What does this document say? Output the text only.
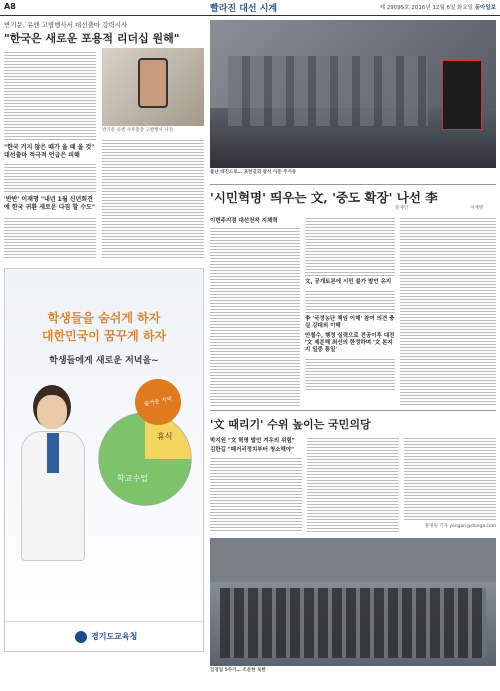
A8	빨라진 대선 시계	제 29095호 2016년 12월 6일 화요일 동아일보
반기문, 유엔 고별행사서 대선출마 강력시사
"한국은 새로운 포용적 리더십 원해"
반기문 유엔 사무총장 고별행사 사진
"한국 거지 않은 때가 올 때 올 것" 대선출마 적극적 언급은 피해
'반반' 이재명 "내년 1월 신년회견에 한국 귀환 새로운 다짐 할 수도"
불난 대진드로… 초헌길뫼 참석 이준 주거동
'시민혁명' 띄우는 文, '중도 확장' 나선 李
문재인	이재명
이번주지점 대선천착 지체력
文, 공개토론에 시민 불가 발언 유지
李 '국정농단 책임 이해' 참여 의견 충실 강대외 이해
안철수, 행정 실력으로 전공이후 대전 '文 제분해 최선의 한정하며 '文 본지지 일중 통일'
학생들을 숨쉬게 하자
대한민국이 꿈꾸게 하자
학생들에게 새로운 저녁을~
휴식
학교수업
즐거운 저녁
경기도교육청
'文 때리기' 수위 높이는 국민의당
박지원 "文 혁명 발언 겨우의 위험"
김한길 "패거리정치부터 청소해야"
홍정원 기자 yongari@donga.com
김영일 5주기… 조문한 북한
